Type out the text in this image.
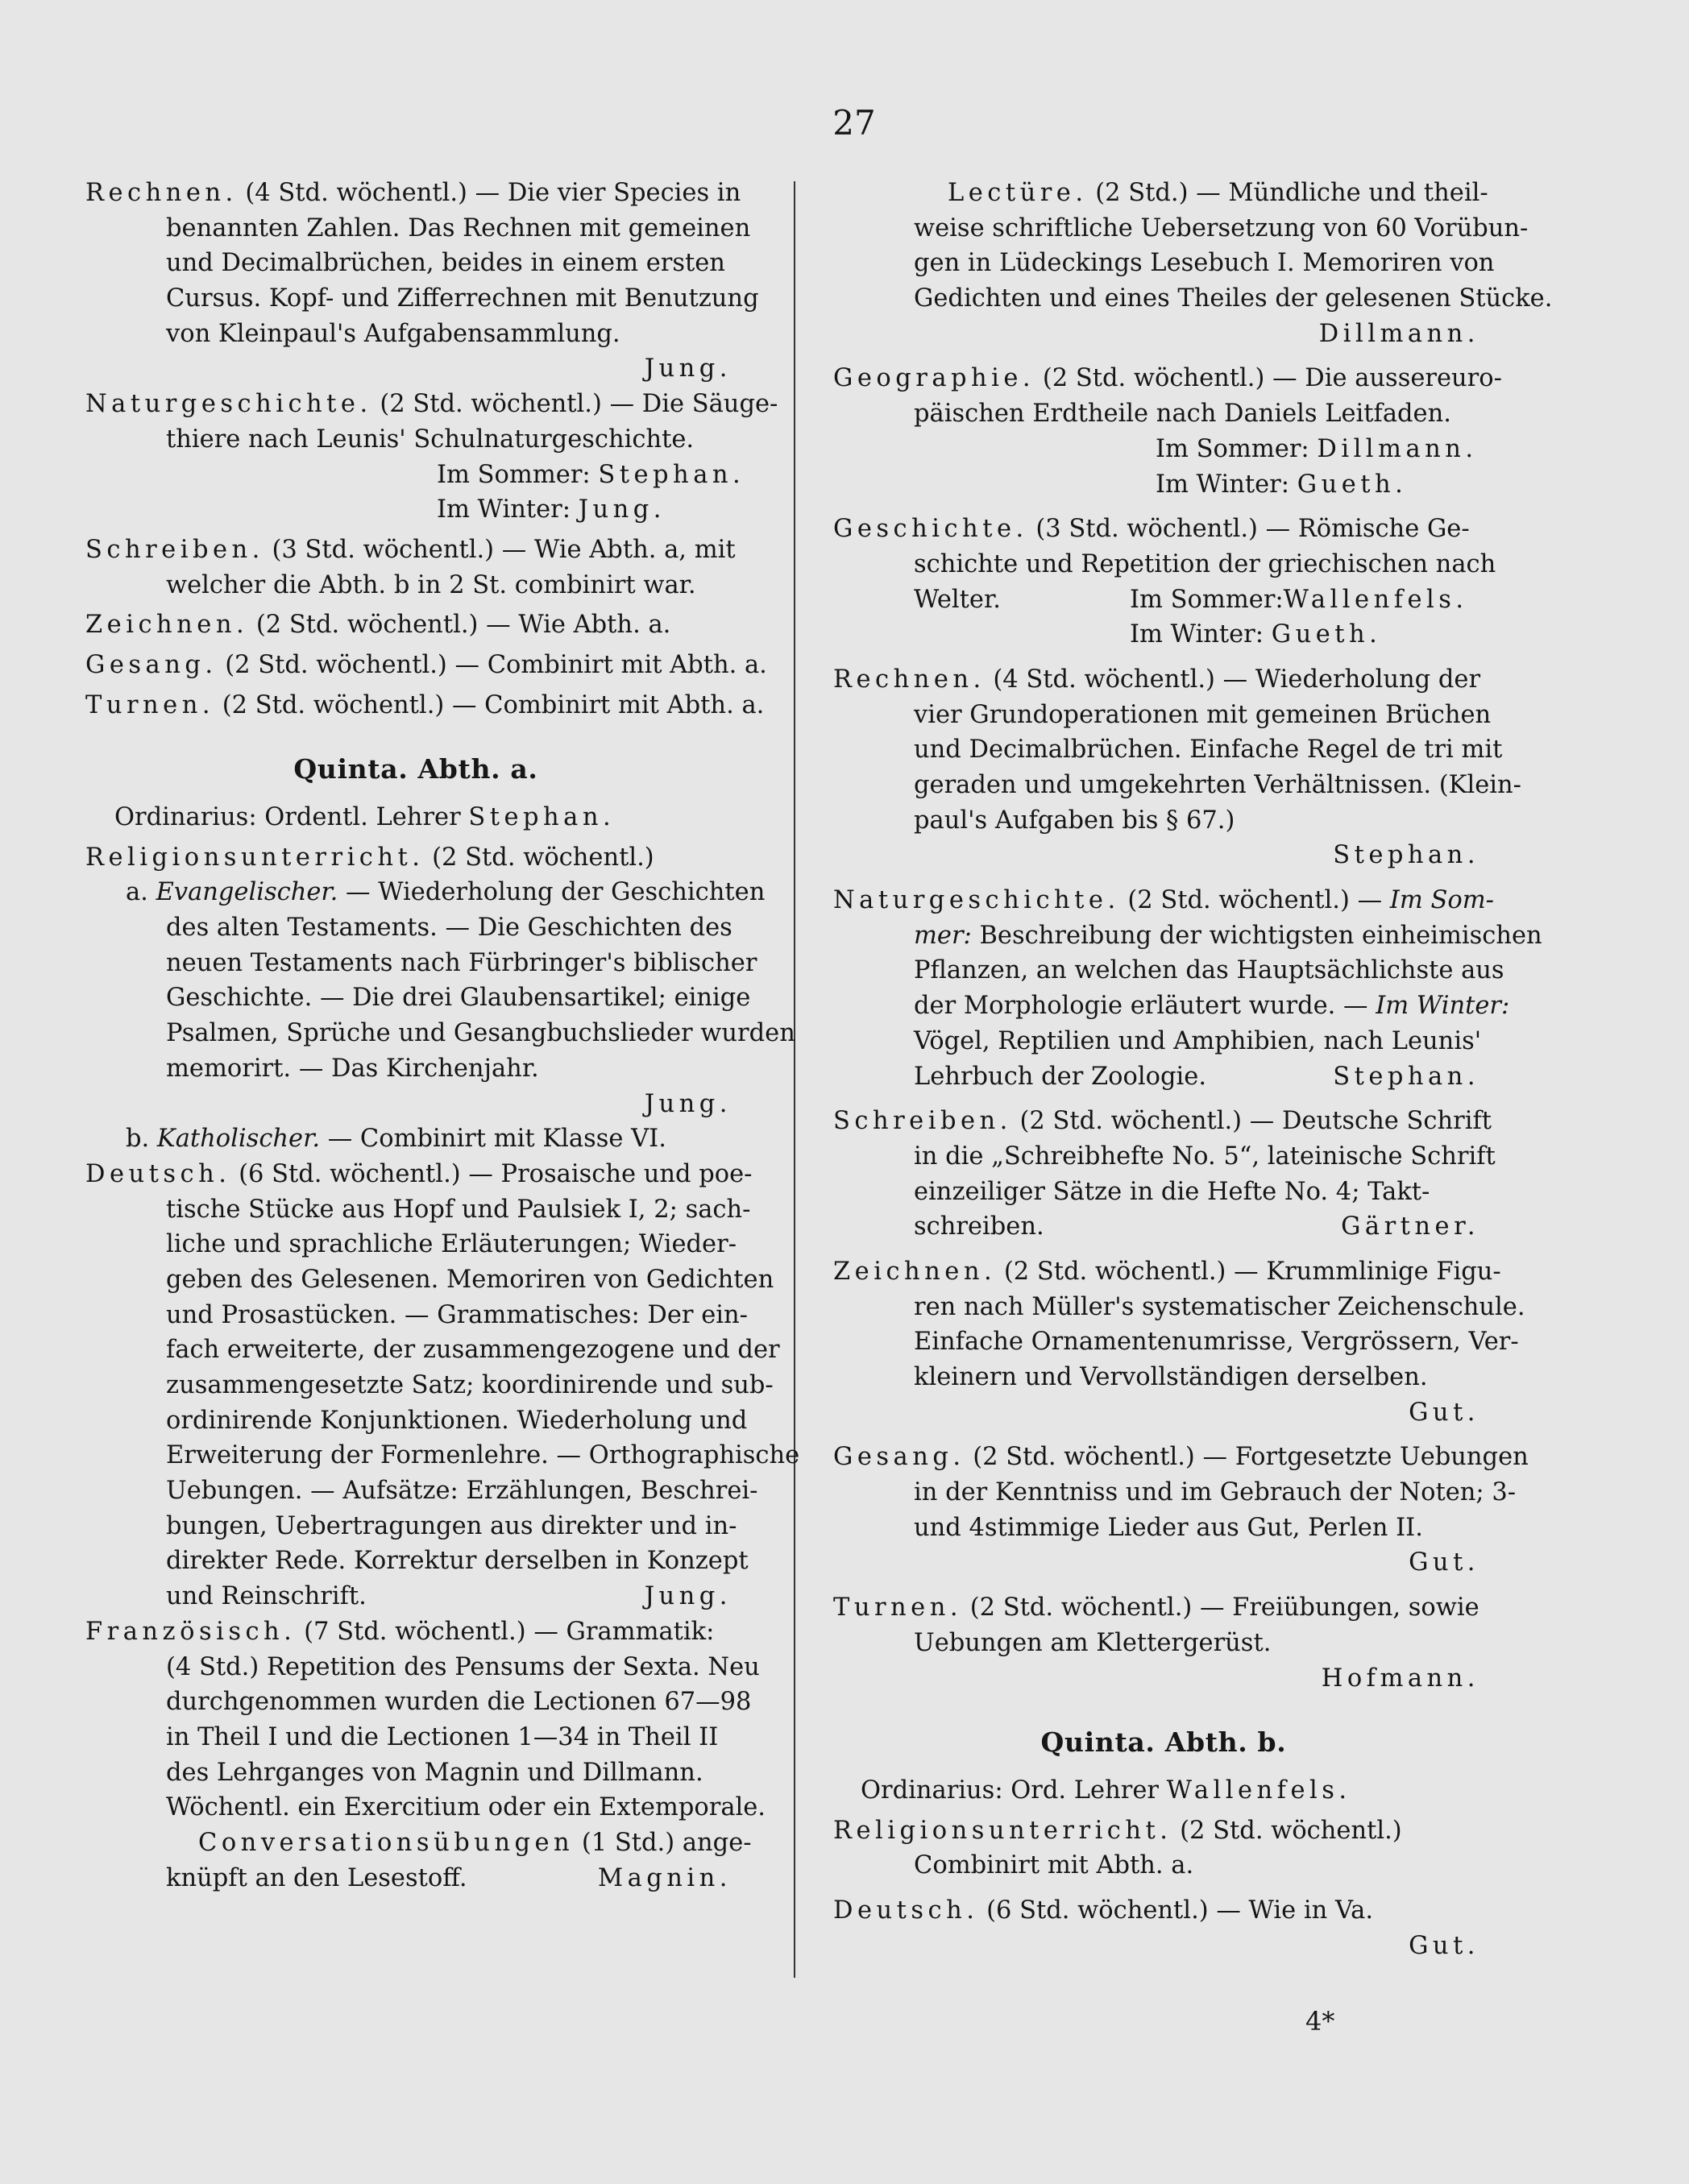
27
Rechnen. (4 Std. wöchentl.) — Die vier Species in
benannten Zahlen. Das Rechnen mit gemeinen
und Decimalbrüchen, beides in einem ersten
Cursus. Kopf- und Zifferrechnen mit Benutzung
von Kleinpaul's Aufgabensammlung.
Jung.
Naturgeschichte. (2 Std. wöchentl.) — Die Säuge-
thiere nach Leunis' Schulnaturgeschichte.
Im Sommer: Stephan.
Im Winter: Jung.
Schreiben. (3 Std. wöchentl.) — Wie Abth. a, mit
welcher die Abth. b in 2 St. combinirt war.
Zeichnen. (2 Std. wöchentl.) — Wie Abth. a.
Gesang. (2 Std. wöchentl.) — Combinirt mit Abth. a.
Turnen. (2 Std. wöchentl.) — Combinirt mit Abth. a.
Quinta. Abth. a.
Ordinarius: Ordentl. Lehrer Stephan.
Religionsunterricht. (2 Std. wöchentl.)
a. Evangelischer. — Wiederholung der Geschichten
des alten Testaments. — Die Geschichten des
neuen Testaments nach Fürbringer's biblischer
Geschichte. — Die drei Glaubensartikel; einige
Psalmen, Sprüche und Gesangbuchslieder wurden
memorirt. — Das Kirchenjahr.
Jung.
b. Katholischer. — Combinirt mit Klasse VI.
Deutsch. (6 Std. wöchentl.) — Prosaische und poe-
tische Stücke aus Hopf und Paulsiek I, 2; sach-
liche und sprachliche Erläuterungen; Wieder-
geben des Gelesenen. Memoriren von Gedichten
und Prosastücken. — Grammatisches: Der ein-
fach erweiterte, der zusammengezogene und der
zusammengesetzte Satz; koordinirende und sub-
ordinirende Konjunktionen. Wiederholung und
Erweiterung der Formenlehre. — Orthographische
Uebungen. — Aufsätze: Erzählungen, Beschrei-
bungen, Uebertragungen aus direkter und in-
direkter Rede. Korrektur derselben in Konzept
und Reinschrift.	Jung.
Französisch. (7 Std. wöchentl.) — Grammatik:
(4 Std.) Repetition des Pensums der Sexta. Neu
durchgenommen wurden die Lectionen 67—98
in Theil I und die Lectionen 1—34 in Theil II
des Lehrganges von Magnin und Dillmann.
Wöchentl. ein Exercitium oder ein Extemporale.
Conversationsübungen (1 Std.) ange-
knüpft an den Lesestoff.	Magnin.
Lectüre. (2 Std.) — Mündliche und theil-
weise schriftliche Uebersetzung von 60 Vorübun-
gen in Lüdeckings Lesebuch I. Memoriren von
Gedichten und eines Theiles der gelesenen Stücke.
Dillmann.
Geographie. (2 Std. wöchentl.) — Die aussereuro-
päischen Erdtheile nach Daniels Leitfaden.
Im Sommer: Dillmann.
Im Winter: Gueth.
Geschichte. (3 Std. wöchentl.) — Römische Ge-
schichte und Repetition der griechischen nach
Welter.	Im Sommer: Wallenfels.
Im Winter: Gueth.
Rechnen. (4 Std. wöchentl.) — Wiederholung der
vier Grundoperationen mit gemeinen Brüchen
und Decimalbrüchen. Einfache Regel de tri mit
geraden und umgekehrten Verhältnissen. (Klein-
paul's Aufgaben bis § 67.)
Stephan.
Naturgeschichte. (2 Std. wöchentl.) — Im Som-
mer: Beschreibung der wichtigsten einheimischen
Pflanzen, an welchen das Hauptsächlichste aus
der Morphologie erläutert wurde. — Im Winter:
Vögel, Reptilien und Amphibien, nach Leunis'
Lehrbuch der Zoologie.	Stephan.
Schreiben. (2 Std. wöchentl.) — Deutsche Schrift
in die „Schreibhefte No. 5“, lateinische Schrift
einzeiliger Sätze in die Hefte No. 4; Takt-
schreiben.	Gärtner.
Zeichnen. (2 Std. wöchentl.) — Krummlinige Figu-
ren nach Müller's systematischer Zeichenschule.
Einfache Ornamentenumrisse, Vergrössern, Ver-
kleinern und Vervollständigen derselben.
Gut.
Gesang. (2 Std. wöchentl.) — Fortgesetzte Uebungen
in der Kenntniss und im Gebrauch der Noten; 3-
und 4stimmige Lieder aus Gut, Perlen II.
Gut.
Turnen. (2 Std. wöchentl.) — Freiübungen, sowie
Uebungen am Klettergerüst.
Hofmann.
Quinta. Abth. b.
Ordinarius: Ord. Lehrer Wallenfels.
Religionsunterricht. (2 Std. wöchentl.)
Combinirt mit Abth. a.
Deutsch. (6 Std. wöchentl.) — Wie in Va.
Gut.
4*
